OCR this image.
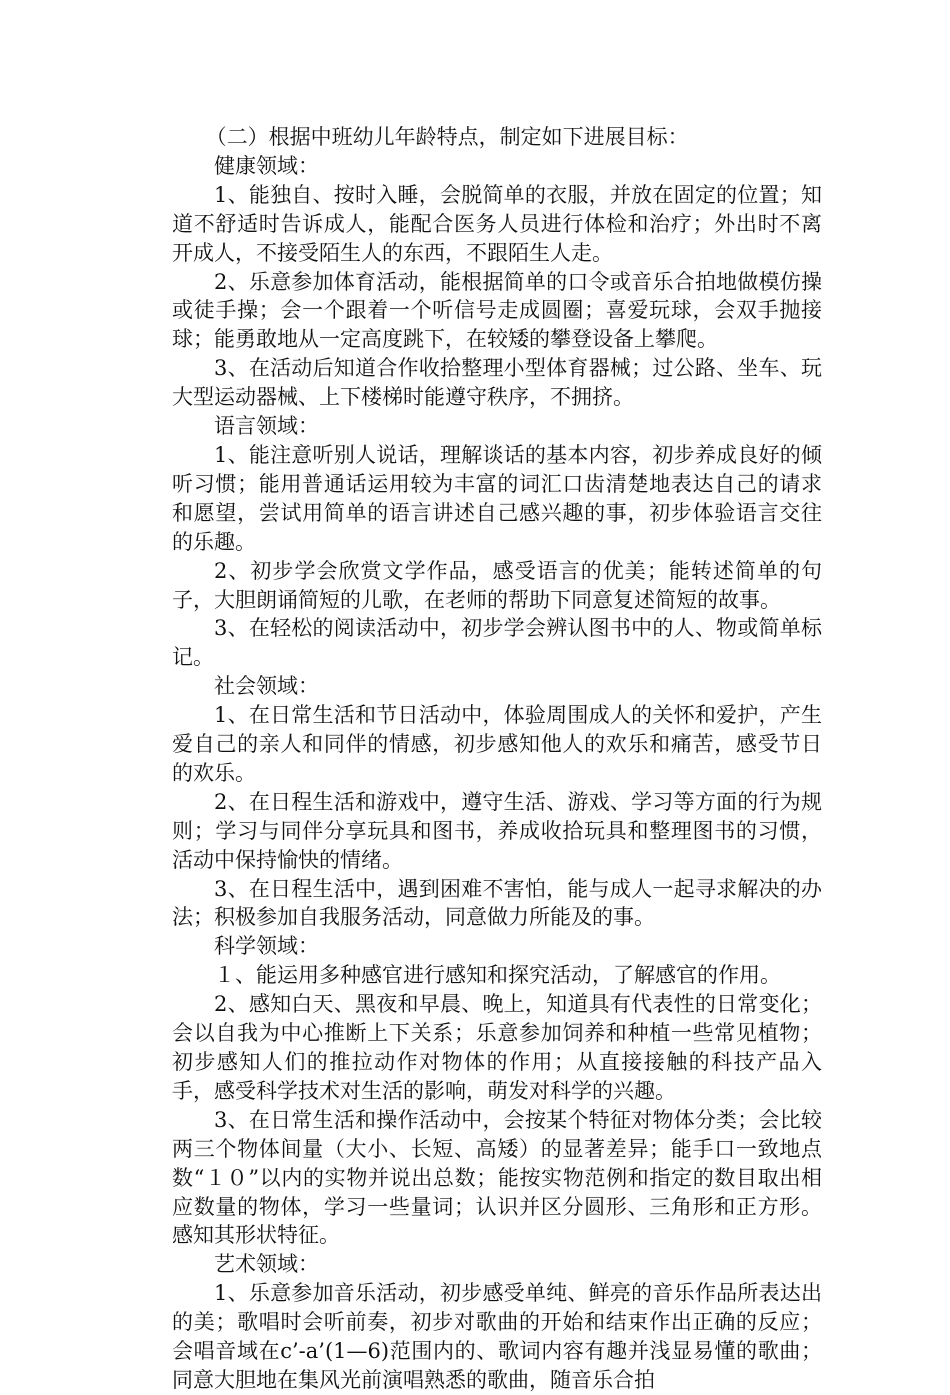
（二）根据中班幼儿年龄特点，制定如下进展目标：

健康领域：

1、能独自、按时入睡，会脱简单的衣服，并放在固定的位置；知道不舒适时告诉成人，能配合医务人员进行体检和治疗；外出时不离开成人，不接受陌生人的东西，不跟陌生人走。

2、乐意参加体育活动，能根据简单的口令或音乐合拍地做模仿操或徒手操；会一个跟着一个听信号走成圆圈；喜爱玩球，会双手抛接球；能勇敢地从一定高度跳下，在较矮的攀登设备上攀爬。

3、在活动后知道合作收拾整理小型体育器械；过公路、坐车、玩大型运动器械、上下楼梯时能遵守秩序，不拥挤。

语言领域：

1、能注意听别人说话，理解谈话的基本内容，初步养成良好的倾听习惯；能用普通话运用较为丰富的词汇口齿清楚地表达自己的请求和愿望，尝试用简单的语言讲述自己感兴趣的事，初步体验语言交往的乐趣。

2、初步学会欣赏文学作品，感受语言的优美；能转述简单的句子，大胆朗诵简短的儿歌，在老师的帮助下同意复述简短的故事。

3、在轻松的阅读活动中，初步学会辨认图书中的人、物或简单标记。

社会领域：

1、在日常生活和节日活动中，体验周围成人的关怀和爱护，产生爱自己的亲人和同伴的情感，初步感知他人的欢乐和痛苦，感受节日的欢乐。

2、在日程生活和游戏中，遵守生活、游戏、学习等方面的行为规则；学习与同伴分享玩具和图书，养成收拾玩具和整理图书的习惯，活动中保持愉快的情绪。

3、在日程生活中，遇到困难不害怕，能与成人一起寻求解决的办法；积极参加自我服务活动，同意做力所能及的事。

科学领域：

１、能运用多种感官进行感知和探究活动，了解感官的作用。

2、感知白天、黑夜和早晨、晚上，知道具有代表性的日常变化；会以自我为中心推断上下关系；乐意参加饲养和种植一些常见植物；初步感知人们的推拉动作对物体的作用；从直接接触的科技产品入手，感受科学技术对生活的影响，萌发对科学的兴趣。

3、在日常生活和操作活动中，会按某个特征对物体分类；会比较两三个物体间量（大小、长短、高矮）的显著差异；能手口一致地点数“１０”以内的实物并说出总数；能按实物范例和指定的数目取出相应数量的物体，学习一些量词；认识并区分圆形、三角形和正方形。感知其形状特征。

艺术领域：

1、乐意参加音乐活动，初步感受单纯、鲜亮的音乐作品所表达出的美；歌唱时会听前奏，初步对歌曲的开始和结束作出正确的反应；会唱音域在c’-a’(1—6)范围内的、歌词内容有趣并浅显易懂的歌曲；同意大胆地在集风光前演唱熟悉的歌曲，随音乐合拍
